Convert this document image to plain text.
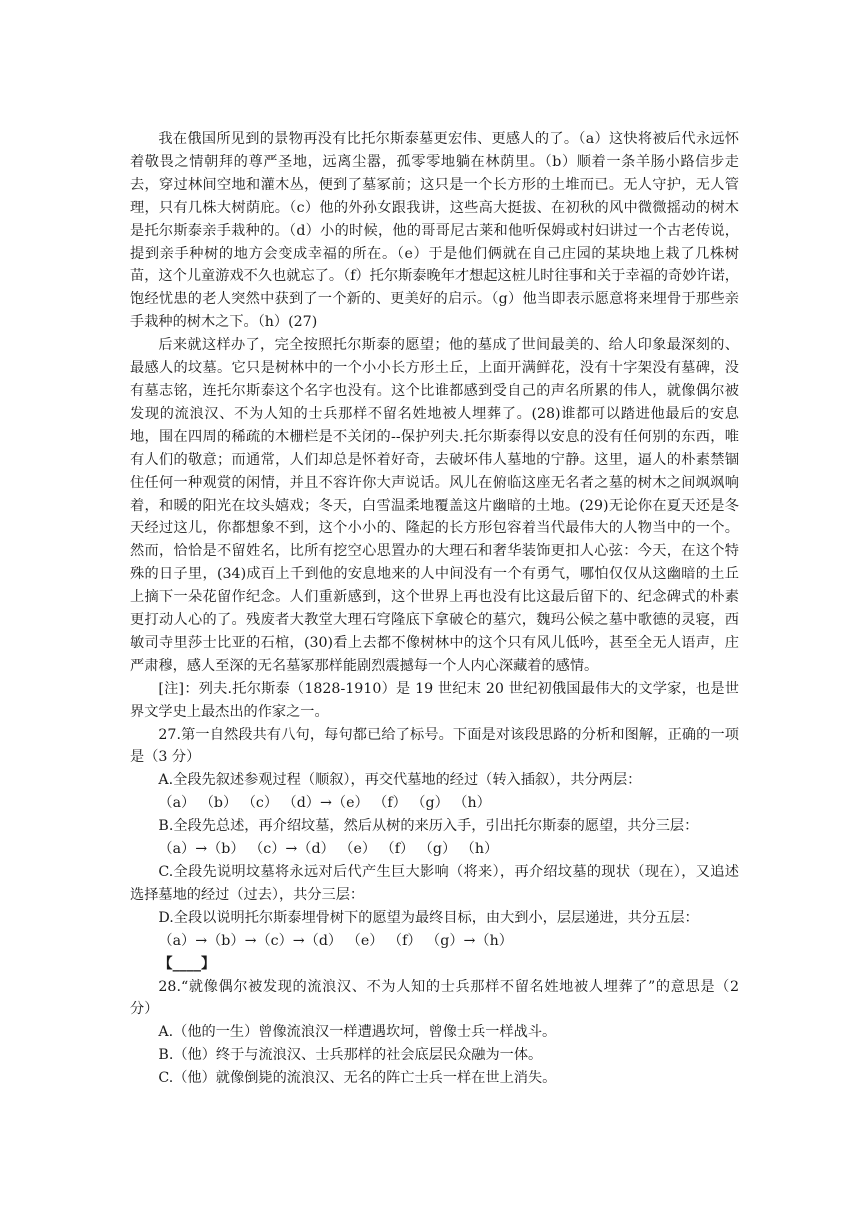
我在俄国所见到的景物再没有比托尔斯泰墓更宏伟、更感人的了。（a）这快将被后代永远怀着敬畏之情朝拜的尊严圣地，远离尘嚣，孤零零地躺在林荫里。（b）顺着一条羊肠小路信步走去，穿过林间空地和灌木丛，便到了墓冢前；这只是一个长方形的土堆而已。无人守护，无人管理，只有几株大树荫庇。（c）他的外孙女跟我讲，这些高大挺拔、在初秋的风中微微摇动的树木是托尔斯泰亲手栽种的。（d）小的时候，他的哥哥尼古莱和他听保姆或村妇讲过一个古老传说，提到亲手种树的地方会变成幸福的所在。（e）于是他们俩就在自己庄园的某块地上栽了几株树苗，这个儿童游戏不久也就忘了。（f）托尔斯泰晚年才想起这桩儿时往事和关于幸福的奇妙许诺，饱经忧患的老人突然中获到了一个新的、更美好的启示。（g）他当即表示愿意将来埋骨于那些亲手栽种的树木之下。（h）(27)

后来就这样办了，完全按照托尔斯泰的愿望；他的墓成了世间最美的、给人印象最深刻的、最感人的坟墓。它只是树林中的一个小小长方形土丘，上面开满鲜花，没有十字架没有墓碑，没有墓志铭，连托尔斯泰这个名字也没有。这个比谁都感到受自己的声名所累的伟人，就像偶尔被发现的流浪汉、不为人知的士兵那样不留名姓地被人埋葬了。(28)谁都可以踏进他最后的安息地，围在四周的稀疏的木栅栏是不关闭的--保护列夫.托尔斯泰得以安息的没有任何别的东西，唯有人们的敬意；而通常，人们却总是怀着好奇，去破坏伟人墓地的宁静。这里，逼人的朴素禁锢住任何一种观赏的闲情，并且不容许你大声说话。风儿在俯临这座无名者之墓的树木之间飒飒响着，和暖的阳光在坟头嬉戏；冬天，白雪温柔地覆盖这片幽暗的土地。(29)无论你在夏天还是冬天经过这儿，你都想象不到，这个小小的、隆起的长方形包容着当代最伟大的人物当中的一个。然而，恰恰是不留姓名，比所有挖空心思置办的大理石和奢华装饰更扣人心弦：今天，在这个特殊的日子里，(34)成百上千到他的安息地来的人中间没有一个有勇气，哪怕仅仅从这幽暗的土丘上摘下一朵花留作纪念。人们重新感到，这个世界上再也没有比这最后留下的、纪念碑式的朴素更打动人心的了。残废者大教堂大理石穹隆底下拿破仑的墓穴，魏玛公候之墓中歌德的灵寝，西敏司寺里莎士比亚的石棺，(30)看上去都不像树林中的这个只有风儿低吟，甚至全无人语声，庄严肃穆，感人至深的无名墓冢那样能剧烈震撼每一个人内心深藏着的感情。

[注]：列夫.托尔斯泰（1828-1910）是 19 世纪末 20 世纪初俄国最伟大的文学家，也是世界文学史上最杰出的作家之一。

27.第一自然段共有八句，每句都已给了标号。下面是对该段思路的分析和图解，正确的一项是（3 分）

A.全段先叙述参观过程（顺叙），再交代墓地的经过（转入插叙），共分两层：

（a） （b） （c） （d）→（e） （f） （g） （h）

B.全段先总述，再介绍坟墓，然后从树的来历入手，引出托尔斯泰的愿望，共分三层：

（a）→（b） （c）→（d） （e） （f） （g） （h）

C.全段先说明坟墓将永远对后代产生巨大影响（将来），再介绍坟墓的现状（现在），又追述选择墓地的经过（过去），共分三层：

D.全段以说明托尔斯泰埋骨树下的愿望为最终目标，由大到小，层层递进，共分五层：

（a）→（b）→（c）→（d） （e） （f） （g）→（h）

【____】

28.“就像偶尔被发现的流浪汉、不为人知的士兵那样不留名姓地被人埋葬了”的意思是（2 分）

A.（他的一生）曾像流浪汉一样遭遇坎坷，曾像士兵一样战斗。

B.（他）终于与流浪汉、士兵那样的社会底层民众融为一体。

C.（他）就像倒毙的流浪汉、无名的阵亡士兵一样在世上消失。
